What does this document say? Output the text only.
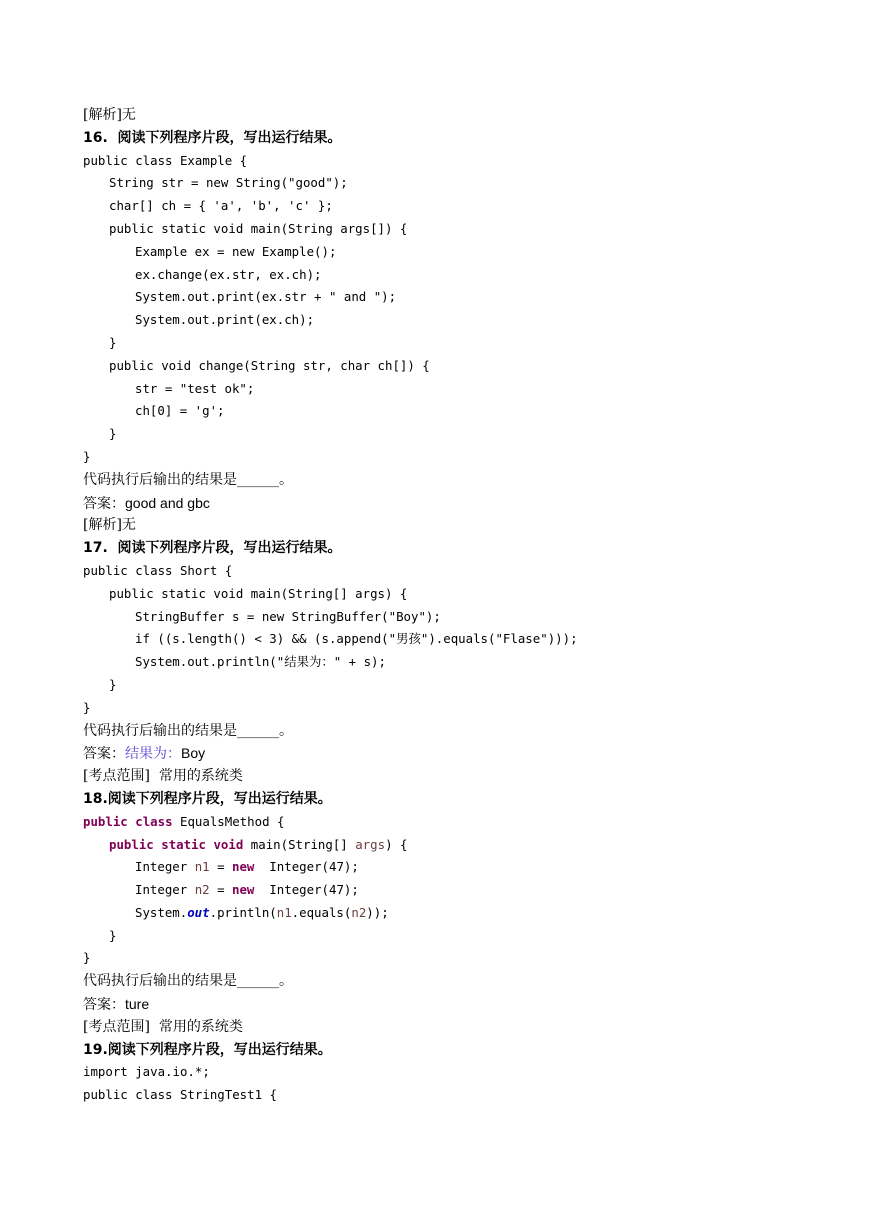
[解析]无
16.  阅读下列程序片段，写出运行结果。
public class Example {
String str = new String("good");
char[] ch = { 'a', 'b', 'c' };
public static void main(String args[]) {
Example ex = new Example();
ex.change(ex.str, ex.ch);
System.out.print(ex.str + " and ");
System.out.print(ex.ch);
}
public void change(String str, char ch[]) {
str = "test ok";
ch[0] = 'g';
}
}
代码执行后输出的结果是______。
答案：good and gbc
[解析]无
17.  阅读下列程序片段，写出运行结果。
public class Short {
public static void main(String[] args) {
StringBuffer s = new StringBuffer("Boy");
if ((s.length() < 3) && (s.append("男孩").equals("Flase")));
System.out.println("结果为：" + s);
}
}
代码执行后输出的结果是______。
答案：结果为：Boy
[考点范围]  常用的系统类
18.阅读下列程序片段，写出运行结果。
public class EqualsMethod {
public static void main(String[] args) {
Integer n1 = new  Integer(47);
Integer n2 = new  Integer(47);
System.out.println(n1.equals(n2));
}
}
代码执行后输出的结果是______。
答案：ture
[考点范围]  常用的系统类
19.阅读下列程序片段，写出运行结果。
import java.io.*;
public class StringTest1 {
